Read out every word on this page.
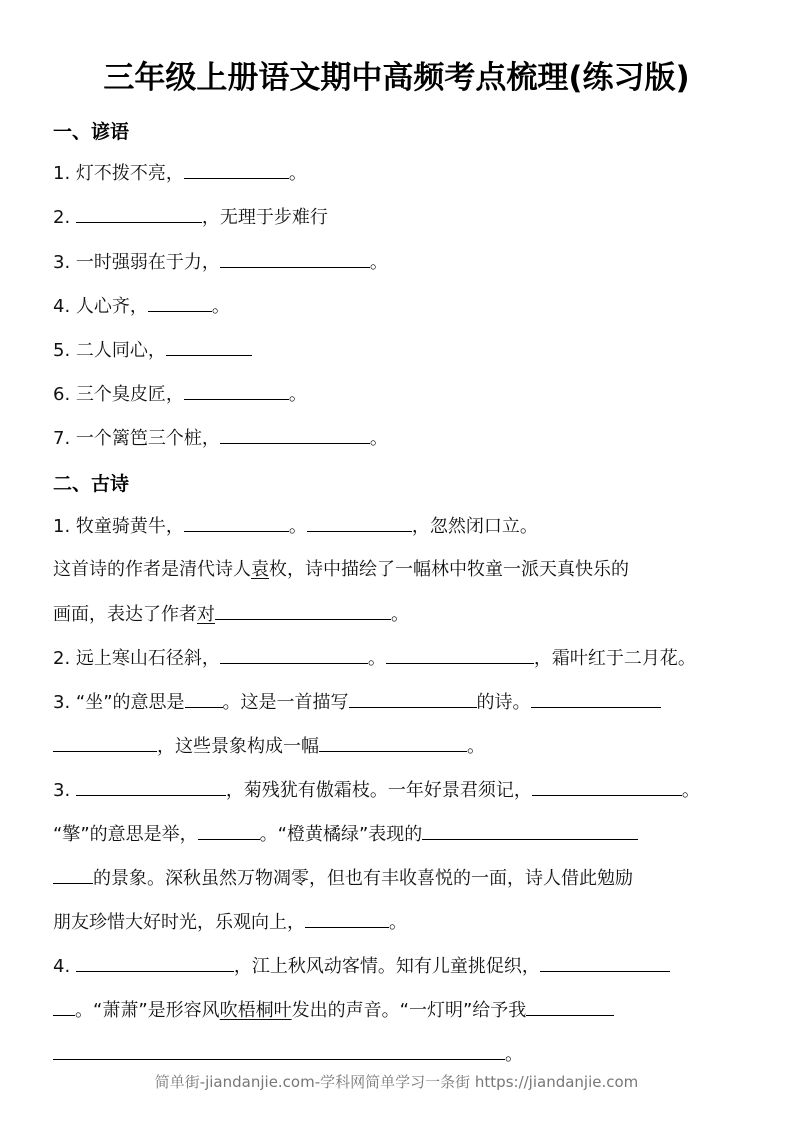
三年级上册语文期中高频考点梳理(练习版)
一、谚语
1. 灯不拨不亮，	。
2.	，无理于步难行
3. 一时强弱在于力，	。
4. 人心齐，	。
5. 二人同心，
6. 三个臭皮匠，	。
7. 一个篱笆三个桩，	。
二、古诗
1. 牧童骑黄牛，	。	，忽然闭口立。
这首诗的作者是清代诗人袁枚，诗中描绘了一幅林中牧童一派天真快乐的
画面，表达了作者对	。
2. 远上寒山石径斜，	。	，霜叶红于二月花。
3. “坐”的意思是 。这是一首描写	的诗。
，这些景象构成一幅	。
3.	，菊残犹有傲霜枝。一年好景君须记，	。
“擎”的意思是举，	。“橙黄橘绿”表现的
的景象。深秋虽然万物凋零，但也有丰收喜悦的一面，诗人借此勉励
朋友珍惜大好时光，乐观向上，	。
4.	，江上秋风动客情。知有儿童挑促织，
。“萧萧”是形容风吹梧桐叶发出的声音。“一灯明”给予我
。
简单街-jiandanjie.com-学科网简单学习一条街 https://jiandanjie.com
